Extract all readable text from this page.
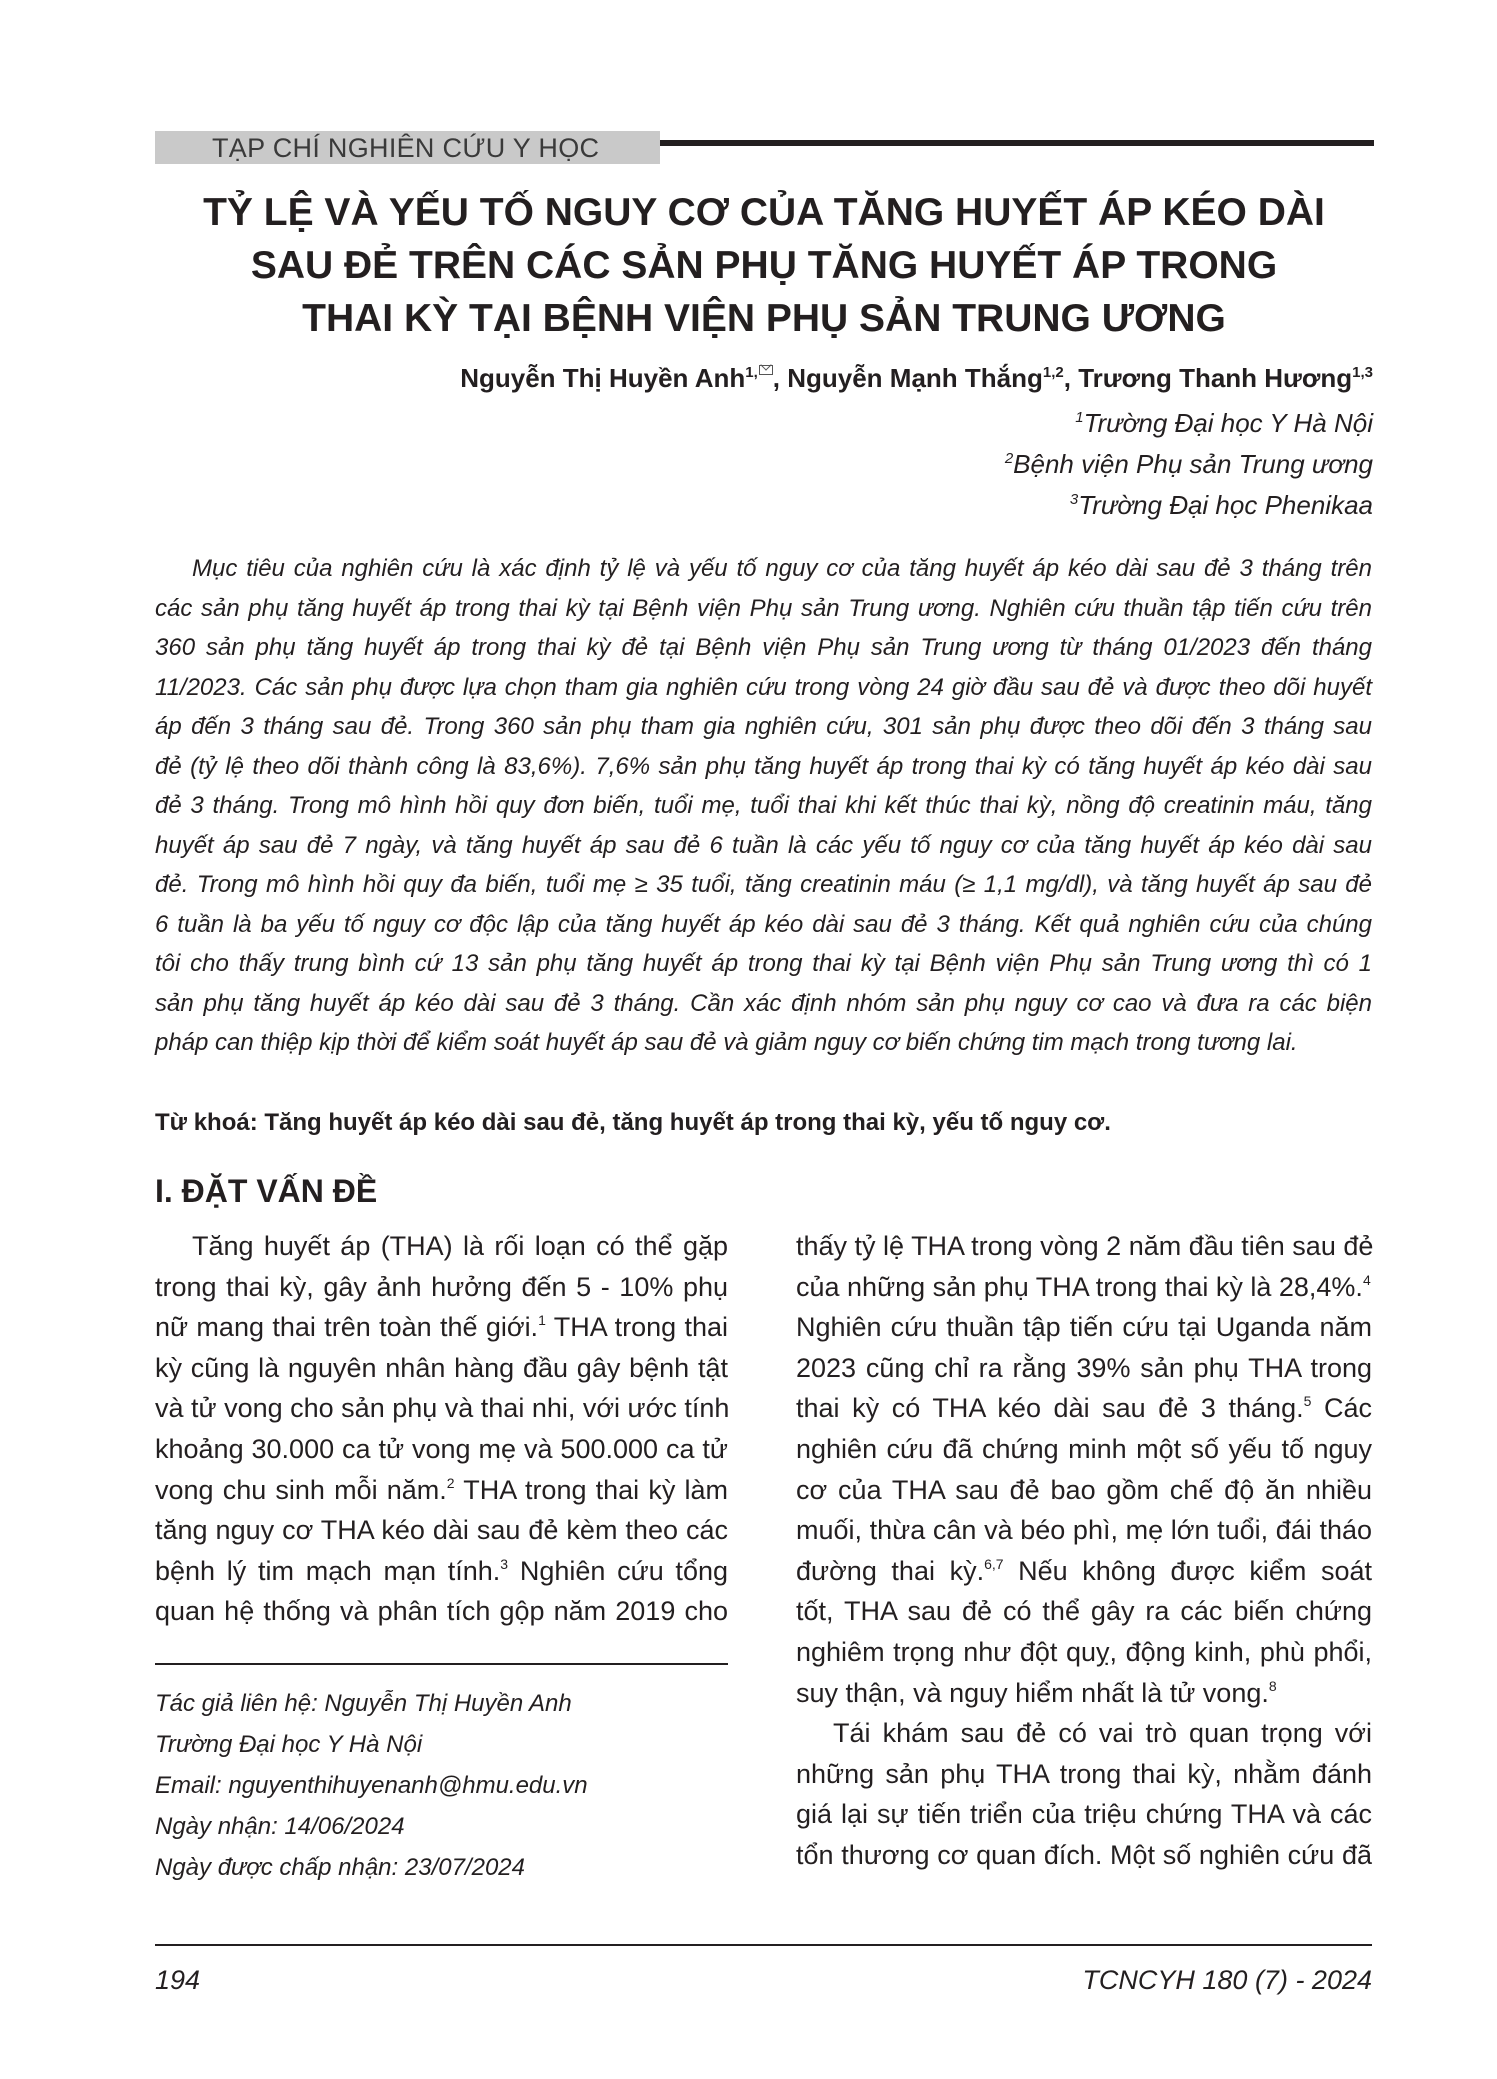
TẠP CHÍ NGHIÊN CỨU Y HỌC
TỶ LỆ VÀ YẾU TỐ NGUY CƠ CỦA TĂNG HUYẾT ÁP KÉO DÀI
SAU ĐẺ TRÊN CÁC SẢN PHỤ TĂNG HUYẾT ÁP TRONG
THAI KỲ TẠI BỆNH VIỆN PHỤ SẢN TRUNG ƯƠNG
Nguyễn Thị Huyền Anh$^{1,}$ , Nguyễn Mạnh Thắng$^{1,2}$, Trương Thanh Hương$^{1,3}$
$^1$Trường Đại học Y Hà Nội
$^2$Bệnh viện Phụ sản Trung ương
$^3$Trường Đại học Phenikaa
Mục tiêu của nghiên cứu là xác định tỷ lệ và yếu tố nguy cơ của tăng huyết áp kéo dài sau đẻ 3 tháng trên
các sản phụ tăng huyết áp trong thai kỳ tại Bệnh viện Phụ sản Trung ương. Nghiên cứu thuần tập tiến cứu trên
360 sản phụ tăng huyết áp trong thai kỳ đẻ tại Bệnh viện Phụ sản Trung ương từ tháng 01/2023 đến tháng
11/2023. Các sản phụ được lựa chọn tham gia nghiên cứu trong vòng 24 giờ đầu sau đẻ và được theo dõi huyết
áp đến 3 tháng sau đẻ. Trong 360 sản phụ tham gia nghiên cứu, 301 sản phụ được theo dõi đến 3 tháng sau
đẻ (tỷ lệ theo dõi thành công là 83,6%). 7,6% sản phụ tăng huyết áp trong thai kỳ có tăng huyết áp kéo dài sau
đẻ 3 tháng. Trong mô hình hồi quy đơn biến, tuổi mẹ, tuổi thai khi kết thúc thai kỳ, nồng độ creatinin máu, tăng
huyết áp sau đẻ 7 ngày, và tăng huyết áp sau đẻ 6 tuần là các yếu tố nguy cơ của tăng huyết áp kéo dài sau
đẻ. Trong mô hình hồi quy đa biến, tuổi mẹ ≥ 35 tuổi, tăng creatinin máu (≥ 1,1 mg/dl), và tăng huyết áp sau đẻ
6 tuần là ba yếu tố nguy cơ độc lập của tăng huyết áp kéo dài sau đẻ 3 tháng. Kết quả nghiên cứu của chúng
tôi cho thấy trung bình cứ 13 sản phụ tăng huyết áp trong thai kỳ tại Bệnh viện Phụ sản Trung ương thì có 1
sản phụ tăng huyết áp kéo dài sau đẻ 3 tháng. Cần xác định nhóm sản phụ nguy cơ cao và đưa ra các biện
pháp can thiệp kịp thời để kiểm soát huyết áp sau đẻ và giảm nguy cơ biến chứng tim mạch trong tương lai.
Từ khoá: Tăng huyết áp kéo dài sau đẻ, tăng huyết áp trong thai kỳ, yếu tố nguy cơ.
I. ĐẶT VẤN ĐỀ
Tăng huyết áp (THA) là rối loạn có thể gặp
trong thai kỳ, gây ảnh hưởng đến 5 - 10% phụ
nữ mang thai trên toàn thế giới.$^1$ THA trong thai
kỳ cũng là nguyên nhân hàng đầu gây bệnh tật
và tử vong cho sản phụ và thai nhi, với ước tính
khoảng 30.000 ca tử vong mẹ và 500.000 ca tử
vong chu sinh mỗi năm.$^2$ THA trong thai kỳ làm
tăng nguy cơ THA kéo dài sau đẻ kèm theo các
bệnh lý tim mạch mạn tính.$^3$ Nghiên cứu tổng
quan hệ thống và phân tích gộp năm 2019 cho
thấy tỷ lệ THA trong vòng 2 năm đầu tiên sau đẻ
của những sản phụ THA trong thai kỳ là 28,4%.$^4$
Nghiên cứu thuần tập tiến cứu tại Uganda năm
2023 cũng chỉ ra rằng 39% sản phụ THA trong
thai kỳ có THA kéo dài sau đẻ 3 tháng.$^5$ Các
nghiên cứu đã chứng minh một số yếu tố nguy
cơ của THA sau đẻ bao gồm chế độ ăn nhiều
muối, thừa cân và béo phì, mẹ lớn tuổi, đái tháo
đường thai kỳ.$^{6,7}$ Nếu không được kiểm soát
tốt, THA sau đẻ có thể gây ra các biến chứng
nghiêm trọng như đột quỵ, động kinh, phù phổi,
suy thận, và nguy hiểm nhất là tử vong.$^8$
Tái khám sau đẻ có vai trò quan trọng với
những sản phụ THA trong thai kỳ, nhằm đánh
giá lại sự tiến triển của triệu chứng THA và các
tổn thương cơ quan đích. Một số nghiên cứu đã
Tác giả liên hệ: Nguyễn Thị Huyền Anh
Trường Đại học Y Hà Nội
Email: nguyenthihuyenanh@hmu.edu.vn
Ngày nhận: 14/06/2024
Ngày được chấp nhận: 23/07/2024
194	TCNCYH 180 (7) - 2024
